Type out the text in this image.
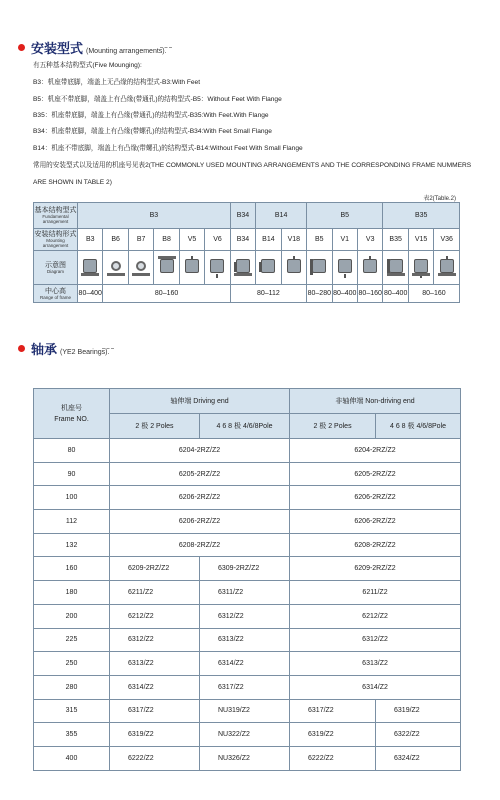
安装型式 (Mounting arrangements).
有五种基本结构型式(Five Mounging):
B3：机座带底脚，端盖上无凸缘的结构型式-B3:With Feet
B5：机座不带底脚，端盖上有凸缘(带通孔)的结构型式-B5：Without Feet With Flange
B35：机座带底脚，端盖上有凸缘(带通孔)的结构型式-B35:With Feet.With Flange
B34：机座带底脚，端盖上有凸缘(带螺孔)的结构型式-B34:With Feet Small Flange
B14：机座不带底脚，端盖上有凸缘(带螺孔)的结构型式-B14:Without Feet With Small Flange
常用的安装型式以及适用的机座号见表2(THE COMMONLY USED MOUNTING ARRANGEMENTS AND THE CORRESPONDING FRAME NUMMERS
ARE SHOWN IN TABLE 2)
表2(Table.2)
基本结构型式
Fundamental arrangement	B3						B34	B14		B5			B35		
安装结构形式
Mounting arrangement	B3	B6	B7	B8	V5	V6	B34	B14	V18	B5	V1	V3	B35	V15	V36
示意图
Diagram															

中心高
Range of frame	80–400	80–160					80–112			80–280	80–400	80–160	80–400	80–160	
轴承 (YE2 Bearings).
机座号
Frame NO.	轴伸端 Driving end		非轴伸端 Non-driving end	
	2 极 2 Poles	4 6 8 极 4/6/8Pole	2 极 2 Poles	4 6 8 极 4/6/8Pole
80	6204-2RZ/Z2		6204-2RZ/Z2	
90	6205-2RZ/Z2		6205-2RZ/Z2	
100	6206-2RZ/Z2		6206-2RZ/Z2	
112	6206-2RZ/Z2		6206-2RZ/Z2	
132	6208-2RZ/Z2		6208-2RZ/Z2	
160	6209-2RZ/Z2	6309-2RZ/Z2	6209-2RZ/Z2	
180	6211/Z2	6311/Z2	6211/Z2	
200	6212/Z2	6312/Z2	6212/Z2	
225	6312/Z2	6313/Z2	6312/Z2	
250	6313/Z2	6314/Z2	6313/Z2	
280	6314/Z2	6317/Z2	6314/Z2	
315	6317/Z2	NU319/Z2	6317/Z2	6319/Z2
355	6319/Z2	NU322/Z2	6319/Z2	6322/Z2
400	6222/Z2	NU326/Z2	6222/Z2	6324/Z2
